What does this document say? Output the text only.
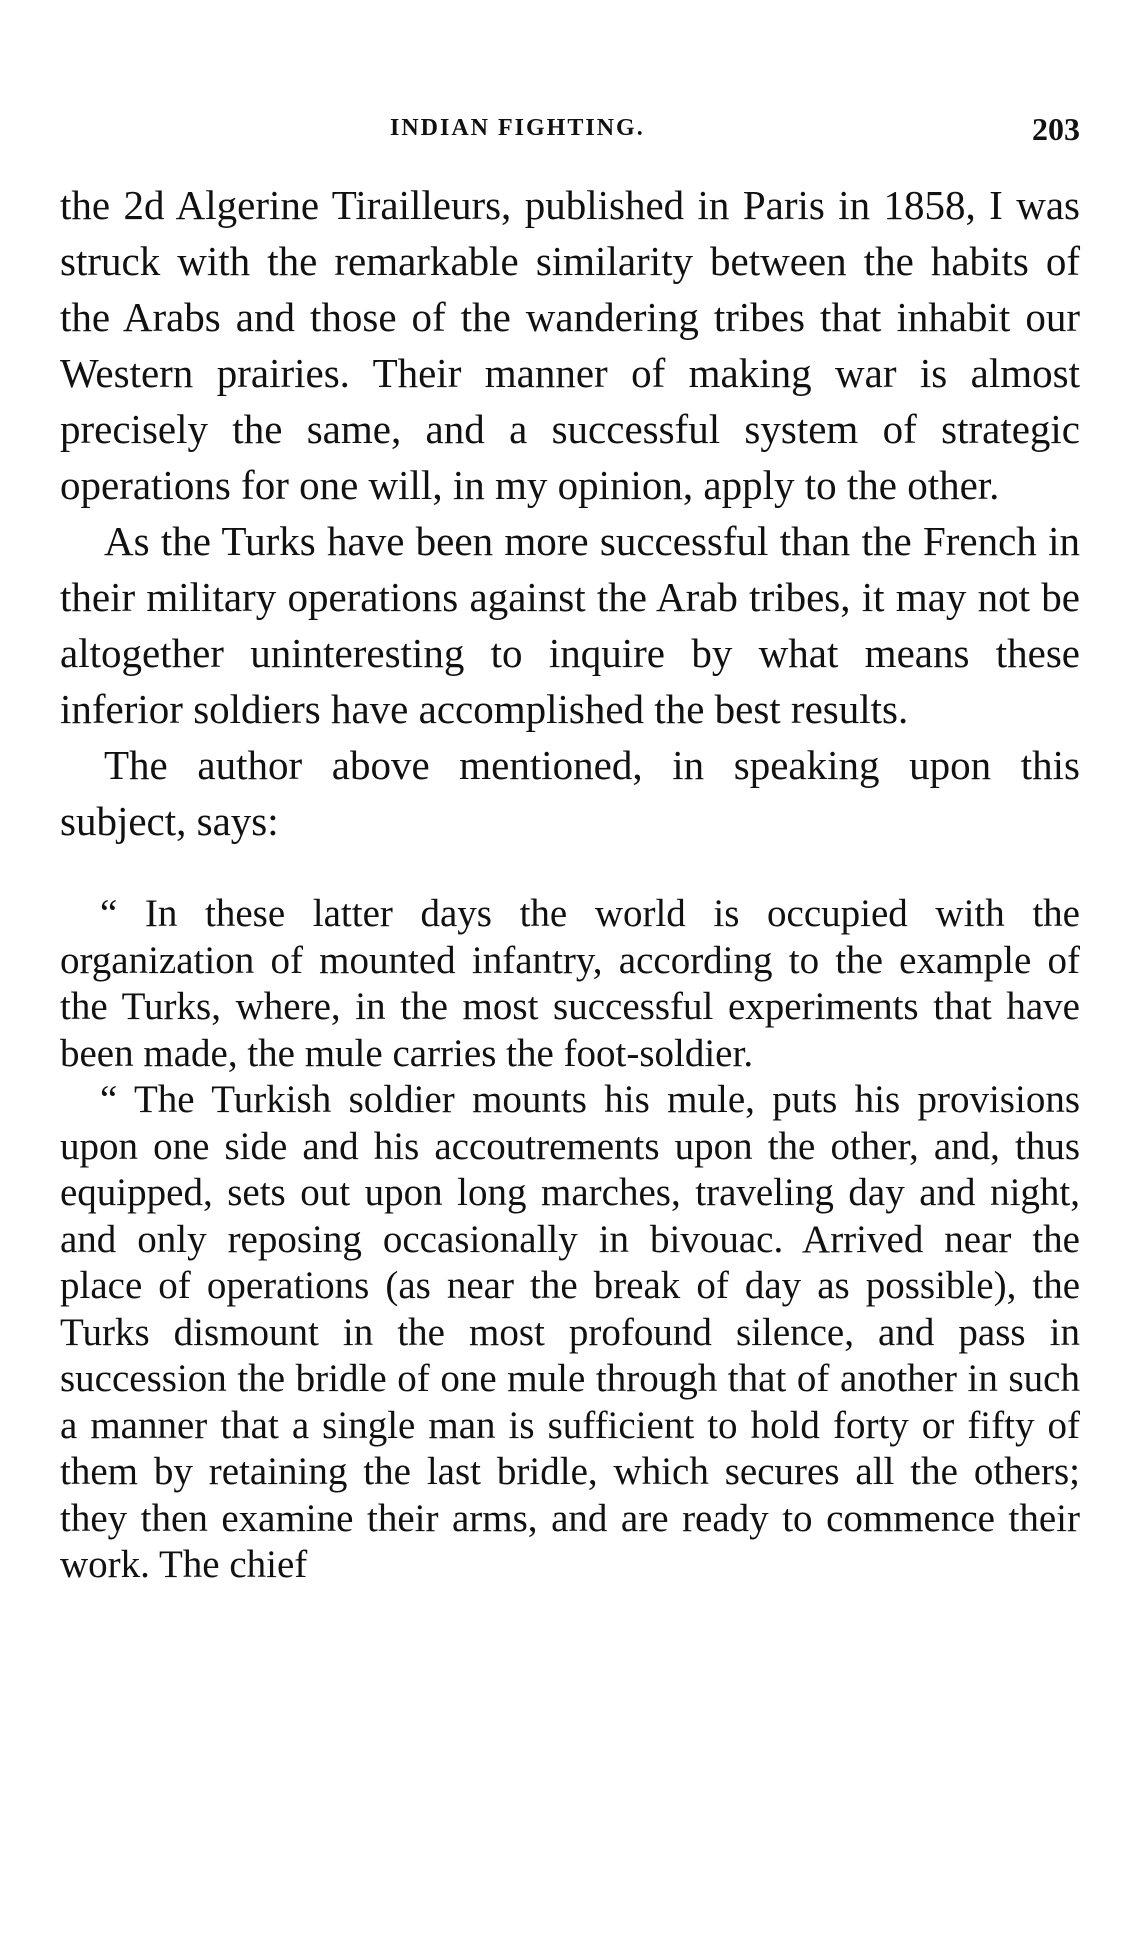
INDIAN FIGHTING.	203

the 2d Algerine Tirailleurs, published in Paris in 1858, I was struck with the remarkable similarity between the habits of the Arabs and those of the wandering tribes that inhabit our Western prairies. Their manner of making war is almost precisely the same, and a successful system of strategic operations for one will, in my opinion, apply to the other.

As the Turks have been more successful than the French in their military operations against the Arab tribes, it may not be altogether uninteresting to inquire by what means these inferior soldiers have accomplished the best results.

The author above mentioned, in speaking upon this subject, says:

“ In these latter days the world is occupied with the organization of mounted infantry, according to the example of the Turks, where, in the most successful experiments that have been made, the mule carries the foot-soldier.

“ The Turkish soldier mounts his mule, puts his provisions upon one side and his accoutrements upon the other, and, thus equipped, sets out upon long marches, traveling day and night, and only reposing occasionally in bivouac. Arrived near the place of operations (as near the break of day as possible), the Turks dismount in the most profound silence, and pass in succession the bridle of one mule through that of another in such a manner that a single man is sufficient to hold forty or fifty of them by retaining the last bridle, which secures all the others; they then examine their arms, and are ready to commence their work. The chief
